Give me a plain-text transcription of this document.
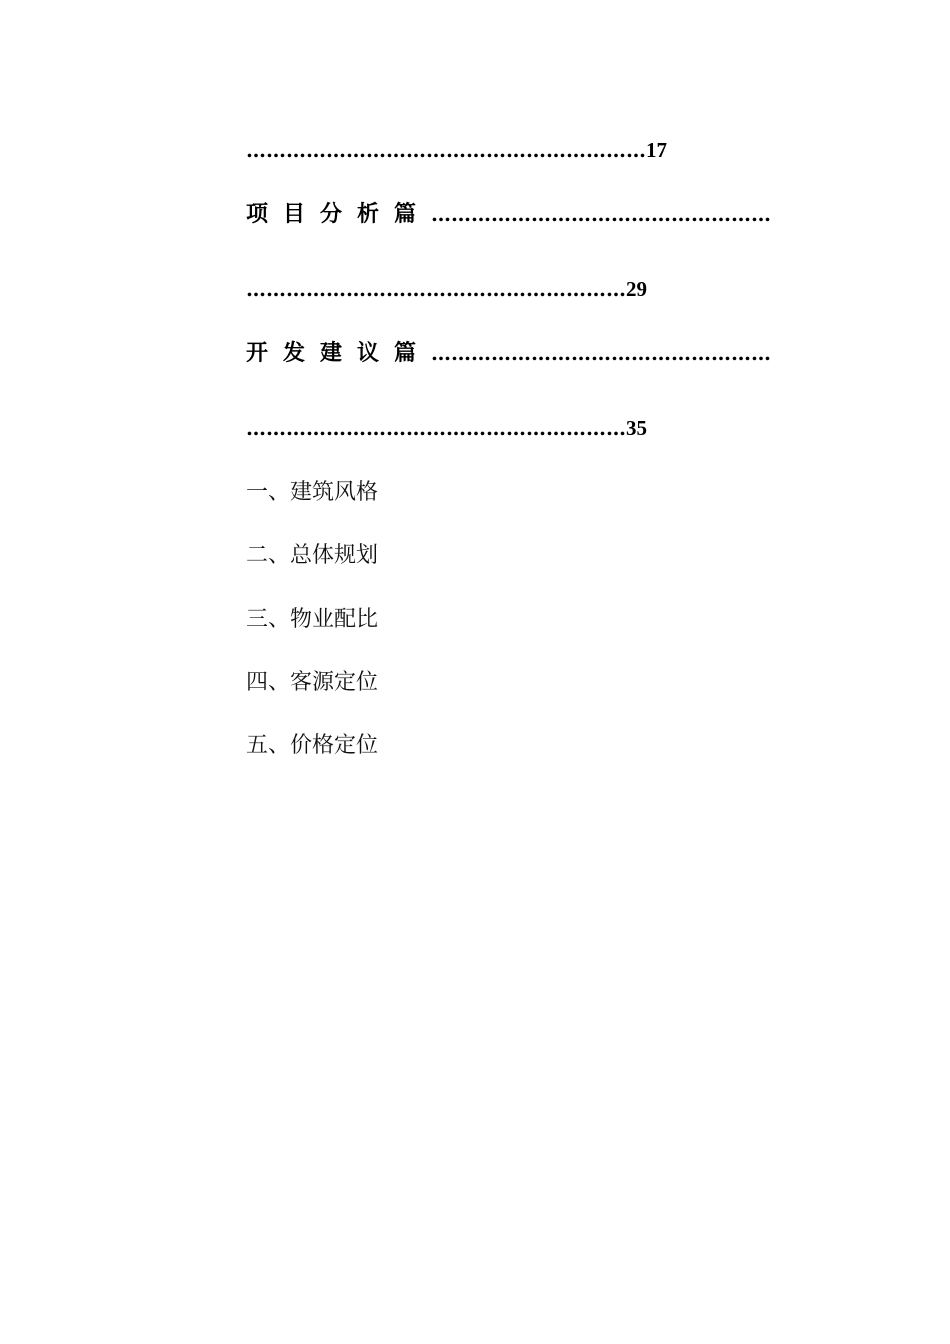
……………………………………………………17
项目分析篇……………………………………………
…………………………………………………29
开发建议篇……………………………………………
…………………………………………………35
一、建筑风格
二、总体规划
三、物业配比
四、客源定位
五、价格定位
